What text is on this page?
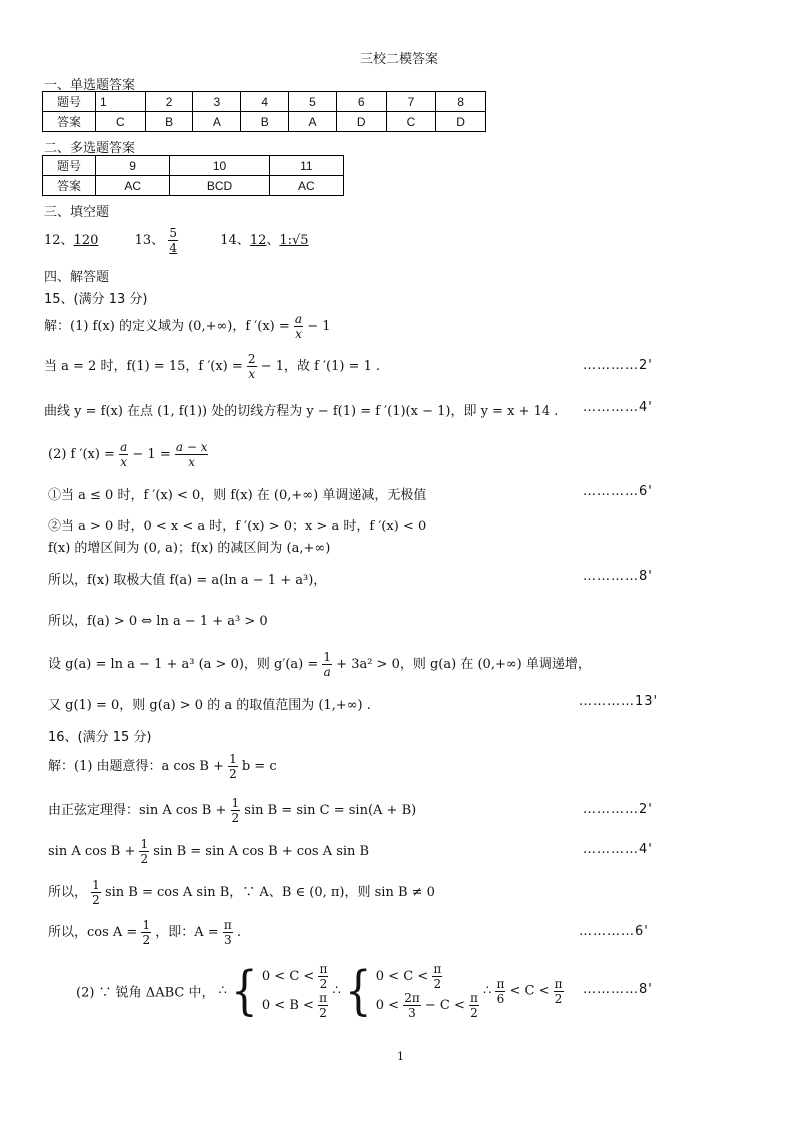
三校二模答案
一、单选题答案
题号	1	2	3	4	5	6	7	8
答案	C	B	A	B	A	D	C	D
二、多选题答案
题号	9	10	11
答案	AC	BCD	AC
三、填空题
12、120	13、 $\frac{5}{4}$	14、12、1:√5
四、解答题
15、(满分 13 分)
解：(1) f(x) 的定义域为 (0,+∞)，f $'(x) = \frac{a}{x} - 1$
当 a = 2 时，f(1) = 15，f $'(x) = \frac{2}{x} - 1$，故 f ′(1) = 1 .	…………2'
曲线 y = f(x) 在点 (1, f(1)) 处的切线方程为 y − f(1) = f ′(1)(x − 1)，即 y = x + 14 . …………4'
(2) f $'(x) = \frac{a}{x} - 1 = \frac{a - x}{x}$
①当 a ≤ 0 时，f ′(x) < 0，则 f(x) 在 (0,+∞) 单调递减，无极值	…………6'
②当 a > 0 时，0 < x < a 时，f ′(x) > 0；x > a 时，f ′(x) < 0
f(x) 的增区间为 (0, a)；f(x) 的减区间为 (a,+∞)
所以，f(x) 取极大值 f(a) = a(ln a − 1 + a³)，	…………8'
所以，f(a) > 0 ⇔ ln a − 1 + a³ > 0
设 g(a) = ln a − 1 + a³ (a > 0)，则 $g'(a) = \frac{1}{a} + 3a^2 > 0$，则 g(a) 在 (0,+∞) 单调递增，
又 g(1) = 0，则 g(a) > 0 的 a 的取值范围为 (1,+∞) .	…………13'
16、(满分 15 分)
解：(1) 由题意得：a $\cos B + \frac{1}{2}$ b = c
由正弦定理得：sin A $\cos B + \frac{1}{2}$ sin B = sin C = sin(A + B)	…………2'
sin A $\cos B + \frac{1}{2}$ sin B = sin A cos B + cos A sin B	…………4'
所以， $\frac{1}{2}$ sin B = cos A sin B，∵ A、B ∈ (0, π)，则 sin B ≠ 0
所以，$\cos A = \frac{1}{2}$ ，即：$A = \frac{\pi}{3}$ .	…………6'
(2) ∵ 锐角 ΔABC 中， ∴ { $0 < C < \frac{\pi}{2}$
$0 < B < \frac{\pi}{2}$ ∴ { $0 < C < \frac{\pi}{2}$
$0 < \frac{2\pi}{3} - C < \frac{\pi}{2}$ ∴ $\frac{\pi}{6} < C < \frac{\pi}{2}$ …………8'
1
